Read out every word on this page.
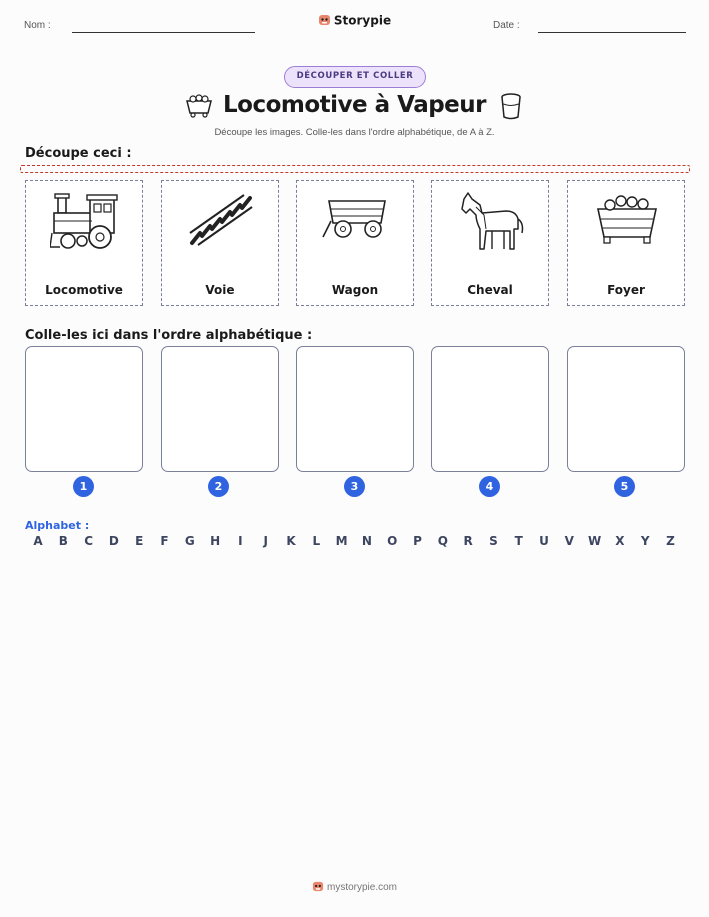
Nom :	Storypie	Date :
DÉCOUPER ET COLLER
Locomotive à Vapeur
Découpe les images. Colle-les dans l'ordre alphabétique, de A à Z.
Découpe ceci :
Locomotive	Voie	Wagon	Cheval	Foyer
Colle-les ici dans l'ordre alphabétique :
1	2	3	4	5
Alphabet :
A	B	C	D	E	F	G	H	I	J	K	L	M	N	O	P	Q	R	S	T	U	V	W	X	Y	Z
mystorypie.com
